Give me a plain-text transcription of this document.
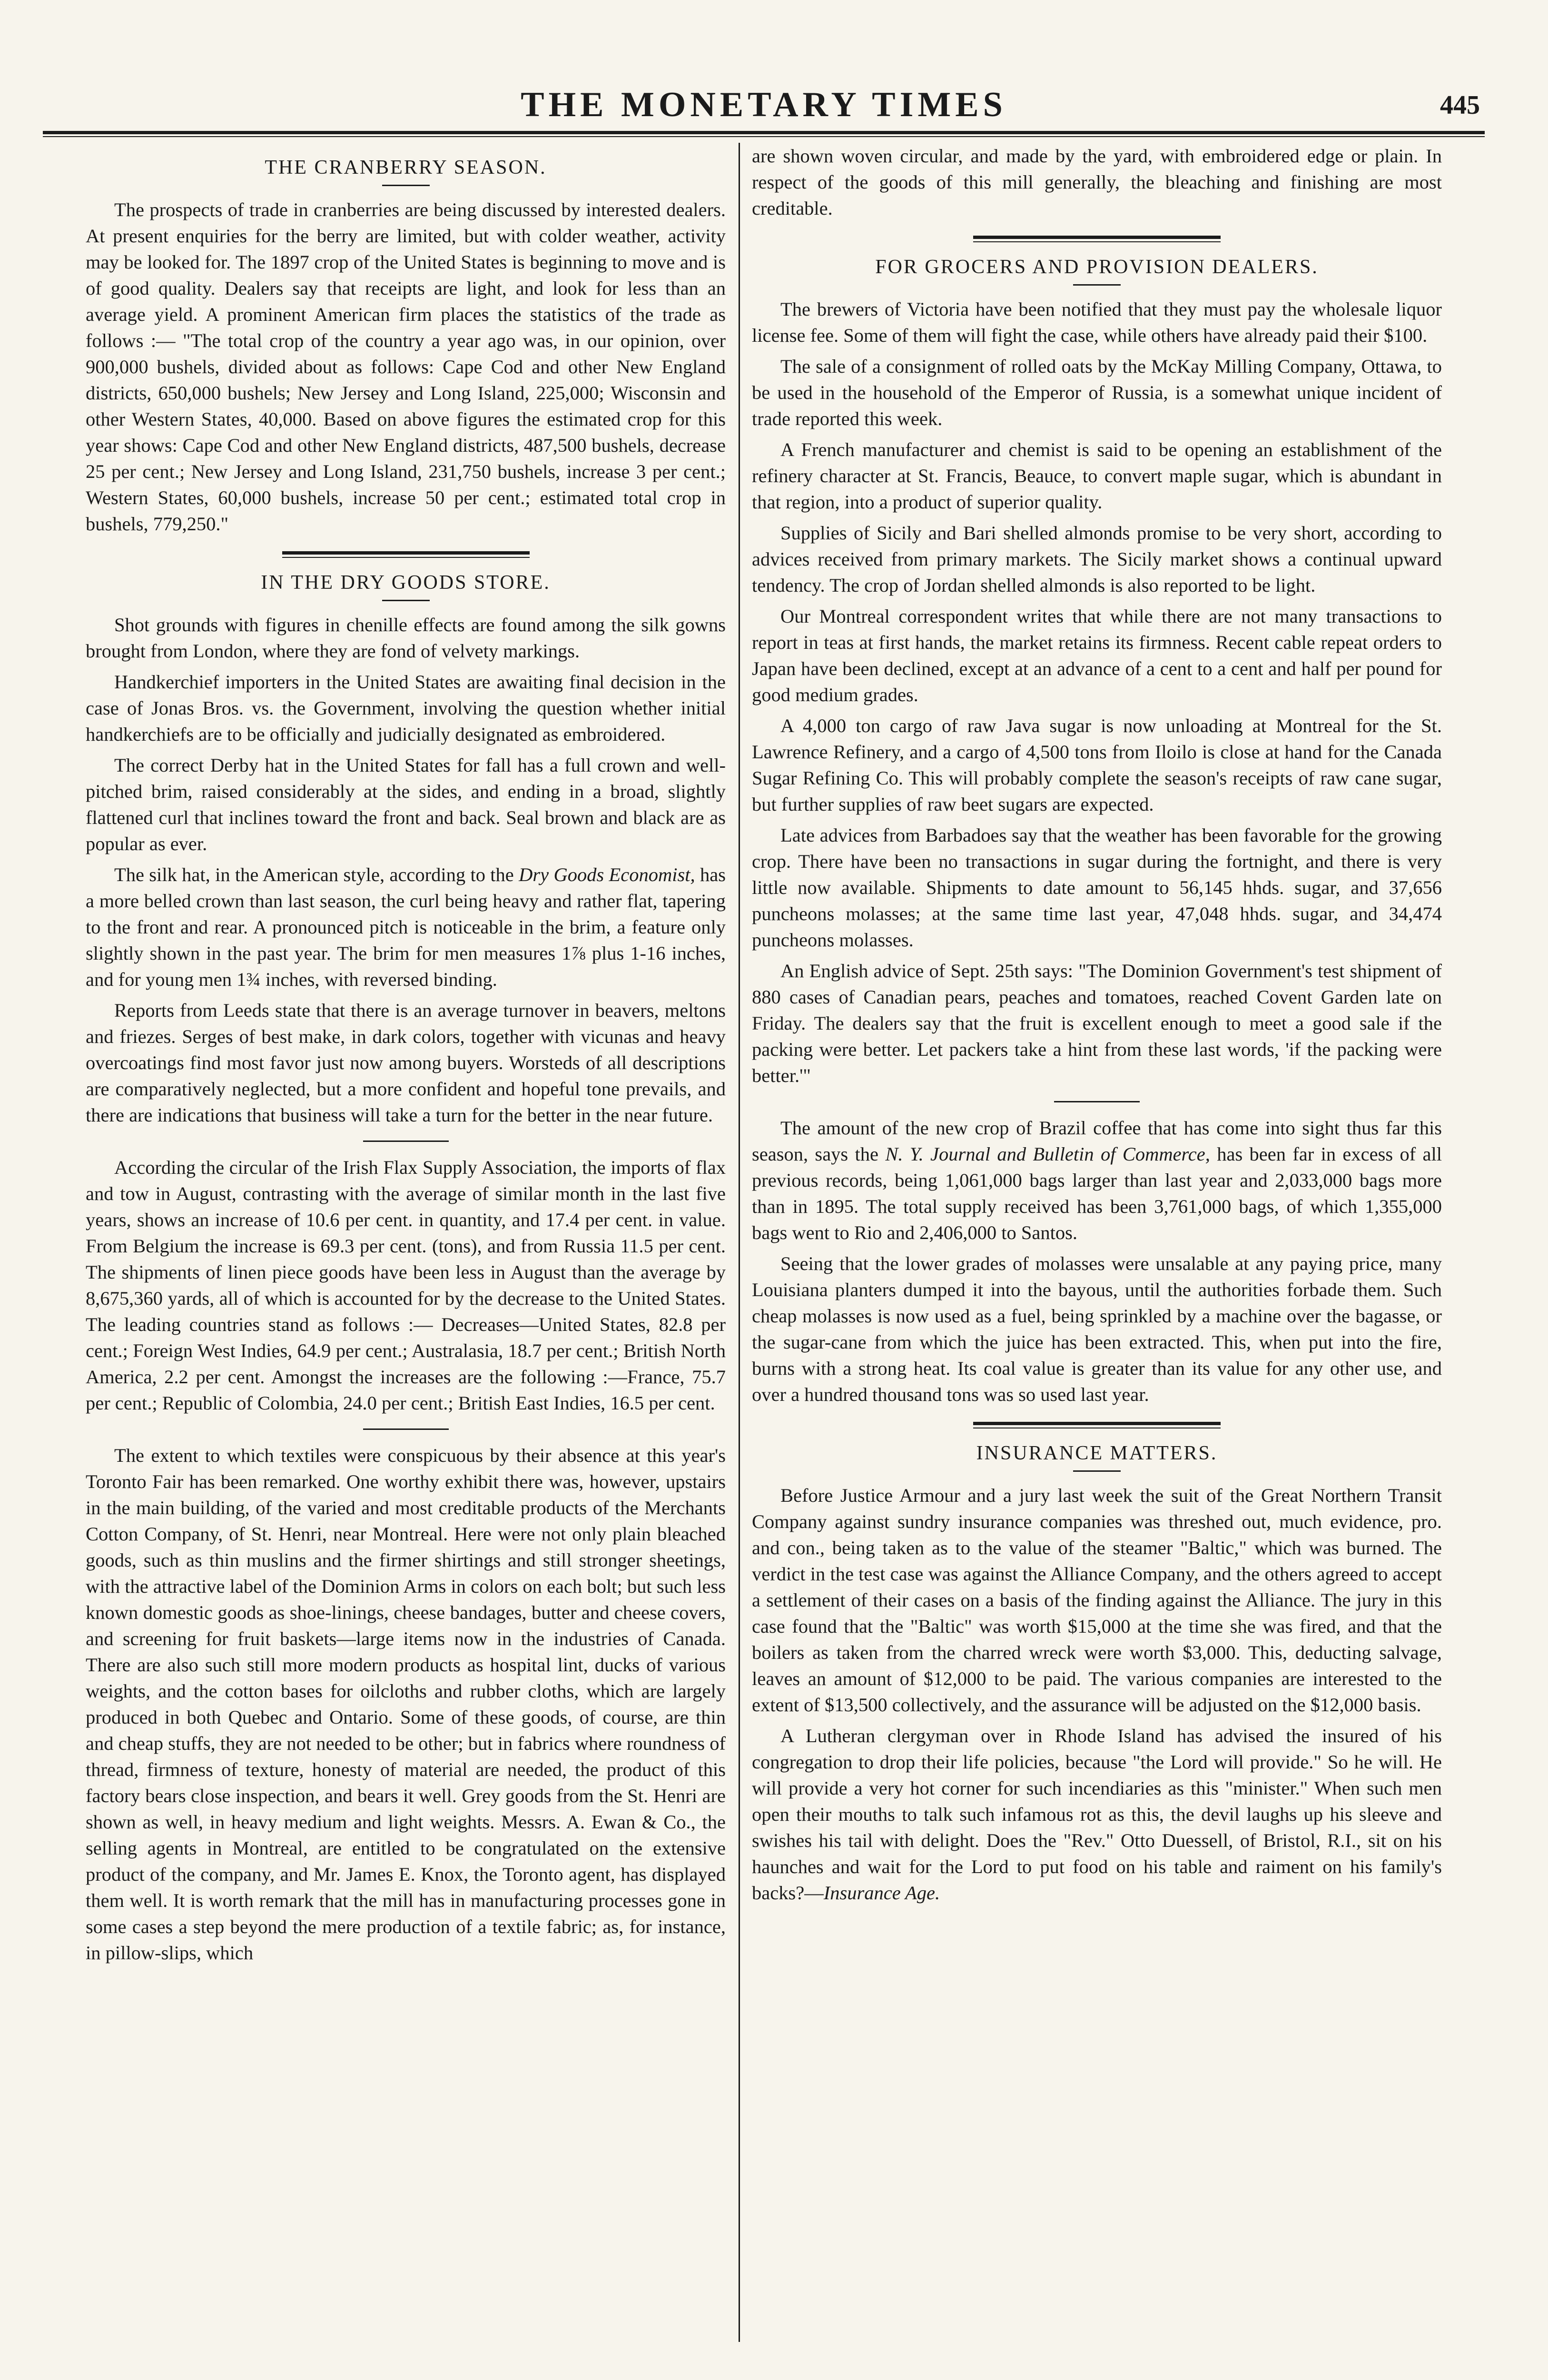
THE MONETARY TIMES	445
THE CRANBERRY SEASON.

The prospects of trade in cranberries are being discussed by interested dealers. At present enquiries for the berry are limited, but with colder weather, activity may be looked for. The 1897 crop of the United States is beginning to move and is of good quality. Dealers say that receipts are light, and look for less than an average yield. A prominent American firm places the statistics of the trade as follows :— "The total crop of the country a year ago was, in our opinion, over 900,000 bushels, divided about as follows: Cape Cod and other New England districts, 650,000 bushels; New Jersey and Long Island, 225,000; Wisconsin and other Western States, 40,000. Based on above figures the estimated crop for this year shows: Cape Cod and other New England districts, 487,500 bushels, decrease 25 per cent.; New Jersey and Long Island, 231,750 bushels, increase 3 per cent.; Western States, 60,000 bushels, increase 50 per cent.; estimated total crop in bushels, 779,250."

IN THE DRY GOODS STORE.

Shot grounds with figures in chenille effects are found among the silk gowns brought from London, where they are fond of velvety markings.

Handkerchief importers in the United States are awaiting final decision in the case of Jonas Bros. vs. the Government, involving the question whether initial handkerchiefs are to be officially and judicially designated as embroidered.

The correct Derby hat in the United States for fall has a full crown and well-pitched brim, raised considerably at the sides, and ending in a broad, slightly flattened curl that inclines toward the front and back. Seal brown and black are as popular as ever.

The silk hat, in the American style, according to the Dry Goods Economist, has a more belled crown than last season, the curl being heavy and rather flat, tapering to the front and rear. A pronounced pitch is noticeable in the brim, a feature only slightly shown in the past year. The brim for men measures 1⅞ plus 1-16 inches, and for young men 1¾ inches, with reversed binding.

Reports from Leeds state that there is an average turnover in beavers, meltons and friezes. Serges of best make, in dark colors, together with vicunas and heavy overcoatings find most favor just now among buyers. Worsteds of all descriptions are comparatively neglected, but a more confident and hopeful tone prevails, and there are indications that business will take a turn for the better in the near future.

According the circular of the Irish Flax Supply Association, the imports of flax and tow in August, contrasting with the average of similar month in the last five years, shows an increase of 10.6 per cent. in quantity, and 17.4 per cent. in value. From Belgium the increase is 69.3 per cent. (tons), and from Russia 11.5 per cent. The shipments of linen piece goods have been less in August than the average by 8,675,360 yards, all of which is accounted for by the decrease to the United States. The leading countries stand as follows :— Decreases—United States, 82.8 per cent.; Foreign West Indies, 64.9 per cent.; Australasia, 18.7 per cent.; British North America, 2.2 per cent. Amongst the increases are the following :—France, 75.7 per cent.; Republic of Colombia, 24.0 per cent.; British East Indies, 16.5 per cent.

The extent to which textiles were conspicuous by their absence at this year's Toronto Fair has been remarked. One worthy exhibit there was, however, upstairs in the main building, of the varied and most creditable products of the Merchants Cotton Company, of St. Henri, near Montreal. Here were not only plain bleached goods, such as thin muslins and the firmer shirtings and still stronger sheetings, with the attractive label of the Dominion Arms in colors on each bolt; but such less known domestic goods as shoe-linings, cheese bandages, butter and cheese covers, and screening for fruit baskets—large items now in the industries of Canada. There are also such still more modern products as hospital lint, ducks of various weights, and the cotton bases for oilcloths and rubber cloths, which are largely produced in both Quebec and Ontario. Some of these goods, of course, are thin and cheap stuffs, they are not needed to be other; but in fabrics where roundness of thread, firmness of texture, honesty of material are needed, the product of this factory bears close inspection, and bears it well. Grey goods from the St. Henri are shown as well, in heavy medium and light weights. Messrs. A. Ewan & Co., the selling agents in Montreal, are entitled to be congratulated on the extensive product of the company, and Mr. James E. Knox, the Toronto agent, has displayed them well. It is worth remark that the mill has in manufacturing processes gone in some cases a step beyond the mere production of a textile fabric; as, for instance, in pillow-slips, which

are shown woven circular, and made by the yard, with embroidered edge or plain. In respect of the goods of this mill generally, the bleaching and finishing are most creditable.

FOR GROCERS AND PROVISION DEALERS.

The brewers of Victoria have been notified that they must pay the wholesale liquor license fee. Some of them will fight the case, while others have already paid their $100.

The sale of a consignment of rolled oats by the McKay Milling Company, Ottawa, to be used in the household of the Emperor of Russia, is a somewhat unique incident of trade reported this week.

A French manufacturer and chemist is said to be opening an establishment of the refinery character at St. Francis, Beauce, to convert maple sugar, which is abundant in that region, into a product of superior quality.

Supplies of Sicily and Bari shelled almonds promise to be very short, according to advices received from primary markets. The Sicily market shows a continual upward tendency. The crop of Jordan shelled almonds is also reported to be light.

Our Montreal correspondent writes that while there are not many transactions to report in teas at first hands, the market retains its firmness. Recent cable repeat orders to Japan have been declined, except at an advance of a cent to a cent and half per pound for good medium grades.

A 4,000 ton cargo of raw Java sugar is now unloading at Montreal for the St. Lawrence Refinery, and a cargo of 4,500 tons from Iloilo is close at hand for the Canada Sugar Refining Co. This will probably complete the season's receipts of raw cane sugar, but further supplies of raw beet sugars are expected.

Late advices from Barbadoes say that the weather has been favorable for the growing crop. There have been no transactions in sugar during the fortnight, and there is very little now available. Shipments to date amount to 56,145 hhds. sugar, and 37,656 puncheons molasses; at the same time last year, 47,048 hhds. sugar, and 34,474 puncheons molasses.

An English advice of Sept. 25th says: "The Dominion Government's test shipment of 880 cases of Canadian pears, peaches and tomatoes, reached Covent Garden late on Friday. The dealers say that the fruit is excellent enough to meet a good sale if the packing were better. Let packers take a hint from these last words, 'if the packing were better.'"

The amount of the new crop of Brazil coffee that has come into sight thus far this season, says the N. Y. Journal and Bulletin of Commerce, has been far in excess of all previous records, being 1,061,000 bags larger than last year and 2,033,000 bags more than in 1895. The total supply received has been 3,761,000 bags, of which 1,355,000 bags went to Rio and 2,406,000 to Santos.

Seeing that the lower grades of molasses were unsalable at any paying price, many Louisiana planters dumped it into the bayous, until the authorities forbade them. Such cheap molasses is now used as a fuel, being sprinkled by a machine over the bagasse, or the sugar-cane from which the juice has been extracted. This, when put into the fire, burns with a strong heat. Its coal value is greater than its value for any other use, and over a hundred thousand tons was so used last year.

INSURANCE MATTERS.

Before Justice Armour and a jury last week the suit of the Great Northern Transit Company against sundry insurance companies was threshed out, much evidence, pro. and con., being taken as to the value of the steamer "Baltic," which was burned. The verdict in the test case was against the Alliance Company, and the others agreed to accept a settlement of their cases on a basis of the finding against the Alliance. The jury in this case found that the "Baltic" was worth $15,000 at the time she was fired, and that the boilers as taken from the charred wreck were worth $3,000. This, deducting salvage, leaves an amount of $12,000 to be paid. The various companies are interested to the extent of $13,500 collectively, and the assurance will be adjusted on the $12,000 basis.

A Lutheran clergyman over in Rhode Island has advised the insured of his congregation to drop their life policies, because "the Lord will provide." So he will. He will provide a very hot corner for such incendiaries as this "minister." When such men open their mouths to talk such infamous rot as this, the devil laughs up his sleeve and swishes his tail with delight. Does the "Rev." Otto Duessell, of Bristol, R.I., sit on his haunches and wait for the Lord to put food on his table and raiment on his family's backs?—Insurance Age.
